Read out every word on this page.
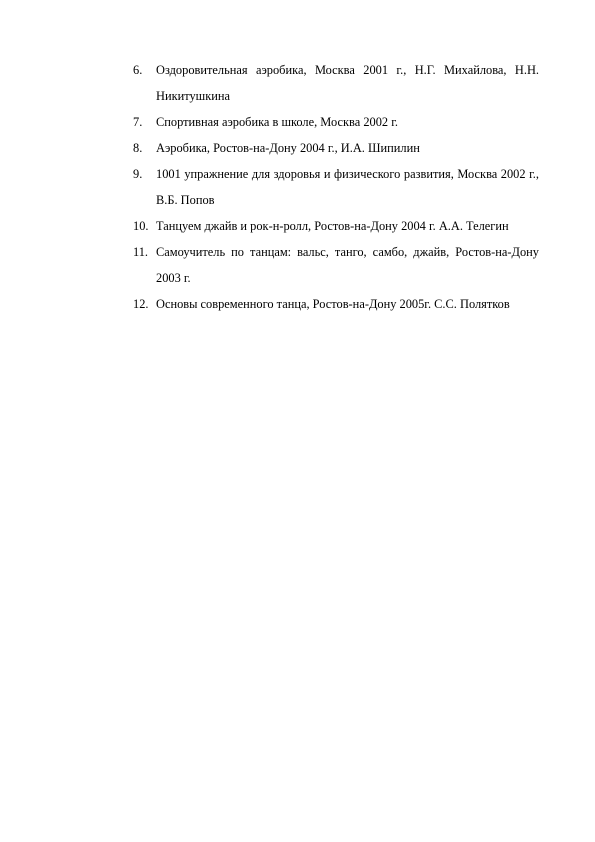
6. Оздоровительная аэробика, Москва 2001 г., Н.Г. Михайлова, Н.Н. Никитушкина
7. Спортивная аэробика в школе, Москва 2002 г.
8. Аэробика, Ростов-на-Дону 2004 г., И.А. Шипилин
9. 1001 упражнение для здоровья и физического развития, Москва 2002 г., В.Б. Попов
10. Танцуем джайв и рок-н-ролл, Ростов-на-Дону 2004 г. А.А. Телегин
11. Самоучитель по танцам: вальс, танго, самбо, джайв, Ростов-на-Дону 2003 г.
12. Основы современного танца, Ростов-на-Дону 2005г. С.С. Полятков
